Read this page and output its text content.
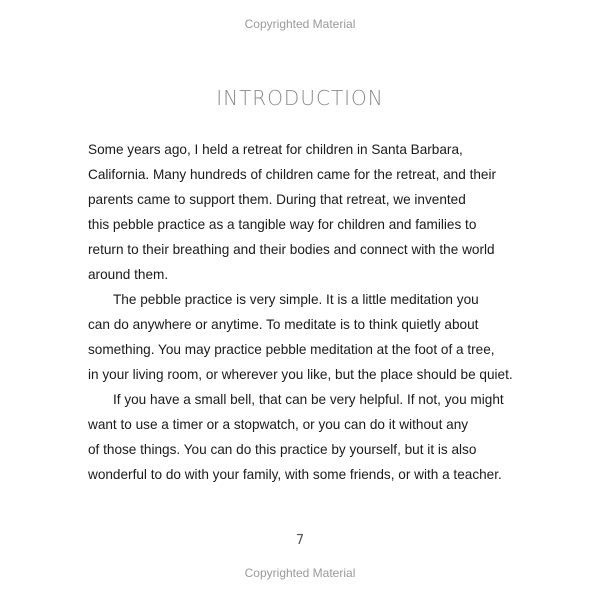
Copyrighted Material
INTRODUCTION
Some years ago, I held a retreat for children in Santa Barbara,
California. Many hundreds of children came for the retreat, and their
parents came to support them. During that retreat, we invented
this pebble practice as a tangible way for children and families to
return to their breathing and their bodies and connect with the world
around them.
The pebble practice is very simple. It is a little meditation you
can do anywhere or anytime. To meditate is to think quietly about
something. You may practice pebble meditation at the foot of a tree,
in your living room, or wherever you like, but the place should be quiet.
If you have a small bell, that can be very helpful. If not, you might
want to use a timer or a stopwatch, or you can do it without any
of those things. You can do this practice by yourself, but it is also
wonderful to do with your family, with some friends, or with a teacher.
7
Copyrighted Material
